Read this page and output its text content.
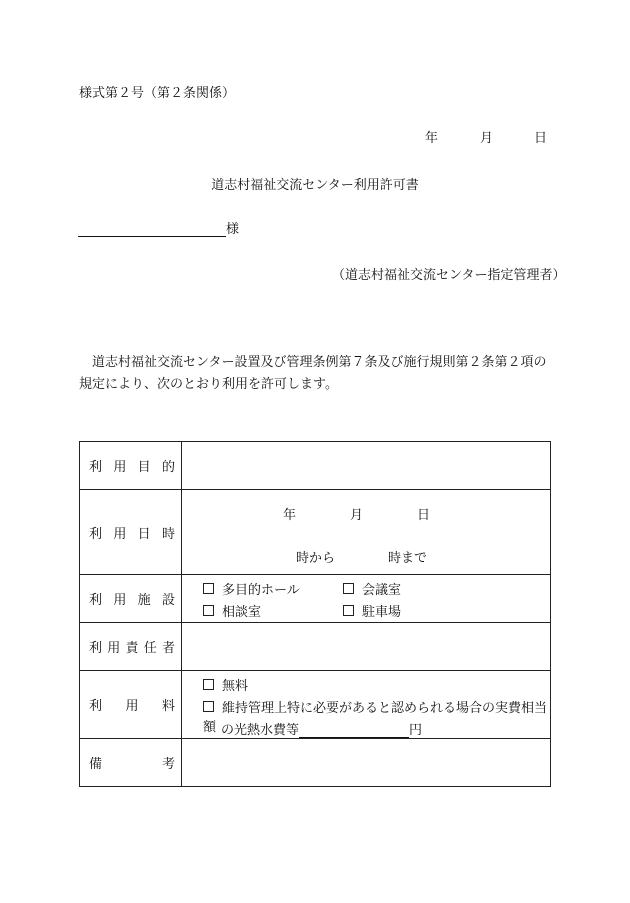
様式第２号（第２条関係）
年	月	日
道志村福祉交流センター利用許可書
様
（道志村福祉交流センター指定管理者）
道志村福祉交流センター設置及び管理条例第７条及び施行規則第２条第２項の規定により、次のとおり利用を許可します。
利 用 目 的	

利 用 日 時	年 月 日
時から 時まで

利 用 施 設	多目的ホール 会議室
相談室 駐車場

利 用 責 任 者	

利 用 料	無料
維持管理上特に必要があると認められる場合の実費相当額 の光熱水費等 円

備 考	
